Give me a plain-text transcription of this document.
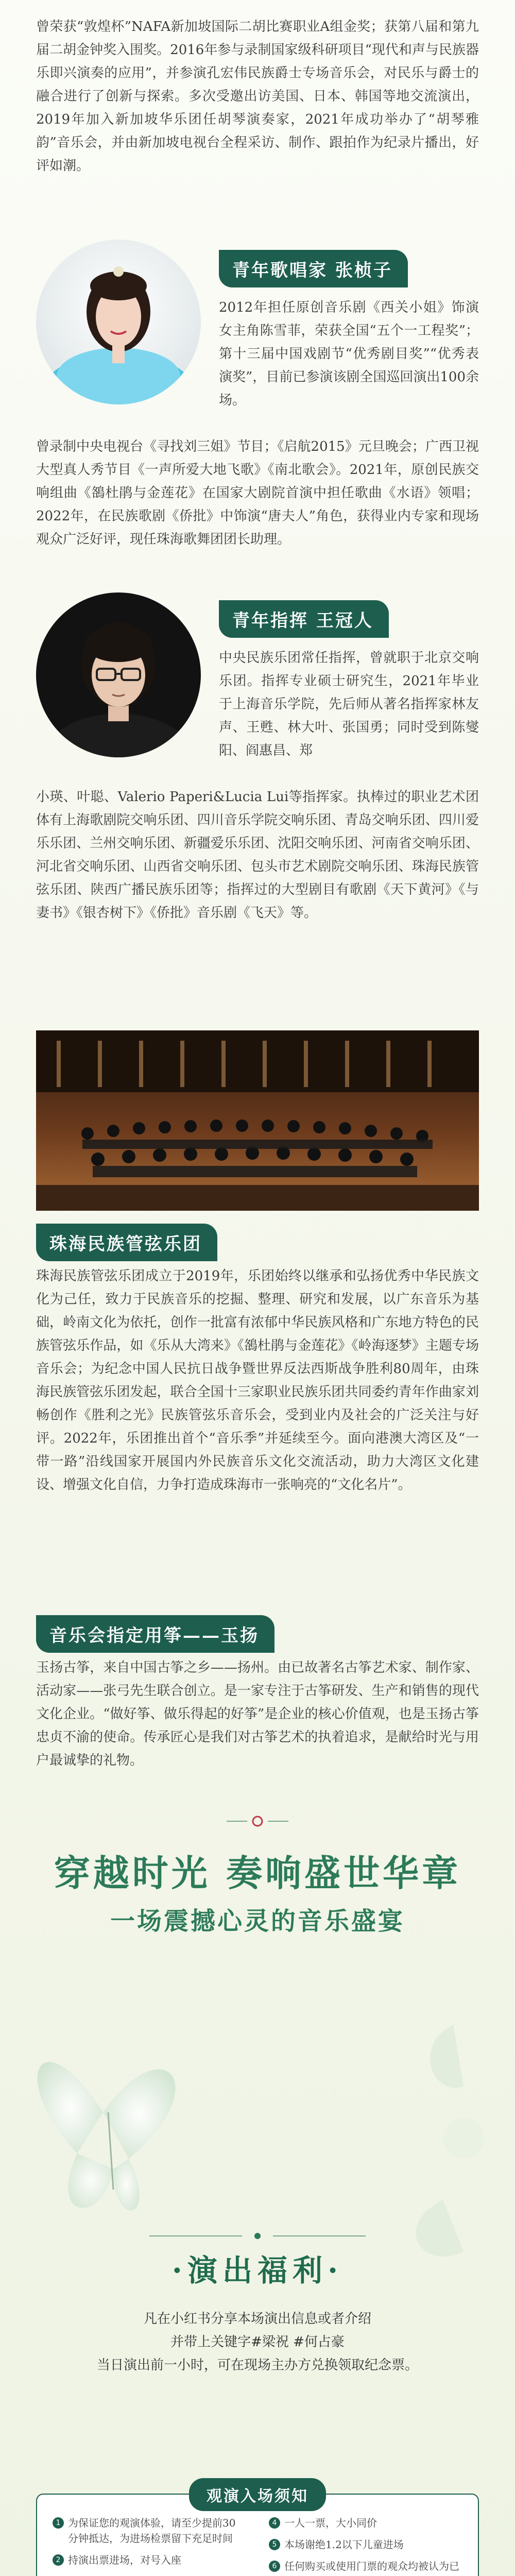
曾荣获“敦煌杯”NAFA新加坡国际二胡比赛职业A组金奖；获第八届和第九届二胡金钟奖入围奖。2016年参与录制国家级科研项目“现代和声与民族器乐即兴演奏的应用”，并参演孔宏伟民族爵士专场音乐会，对民乐与爵士的融合进行了创新与探索。多次受邀出访美国、日本、韩国等地交流演出，2019年加入新加坡华乐团任胡琴演奏家，2021年成功举办了“胡琴雅韵”音乐会，并由新加坡电视台全程采访、制作、跟拍作为纪录片播出，好评如潮。

青年歌唱家 张桢子

2012年担任原创音乐剧《西关小姐》饰演女主角陈雪菲，荣获全国“五个一工程奖”；第十三届中国戏剧节“优秀剧目奖”“优秀表演奖”，目前已参演该剧全国巡回演出100余场。

曾录制中央电视台《寻找刘三姐》节目；《启航2015》元旦晚会；广西卫视大型真人秀节目《一声所爱大地飞歌》《南北歌会》。2021年，原创民族交响组曲《鵅杜鹃与金莲花》在国家大剧院首演中担任歌曲《水语》领唱；2022年，在民族歌剧《侨批》中饰演“唐夫人”角色，获得业内专家和现场观众广泛好评，现任珠海歌舞团团长助理。

青年指挥 王冠人

中央民族乐团常任指挥，曾就职于北京交响乐团。指挥专业硕士研究生，2021年毕业于上海音乐学院，先后师从著名指挥家林友声、王甦、林大叶、张国勇；同时受到陈燮阳、阎惠昌、郑

小瑛、叶聪、Valerio Paperi&Lucia Lui等指挥家。执棒过的职业艺术团体有上海歌剧院交响乐团、四川音乐学院交响乐团、青岛交响乐团、四川爱乐乐团、兰州交响乐团、新疆爱乐乐团、沈阳交响乐团、河南省交响乐团、河北省交响乐团、山西省交响乐团、包头市艺术剧院交响乐团、珠海民族管弦乐团、陕西广播民族乐团等；指挥过的大型剧目有歌剧《天下黄河》《与妻书》《银杏树下》《侨批》音乐剧《飞天》等。

珠海民族管弦乐团

珠海民族管弦乐团成立于2019年，乐团始终以继承和弘扬优秀中华民族文化为己任，致力于民族音乐的挖掘、整理、研究和发展，以广东音乐为基础，岭南文化为依托，创作一批富有浓郁中华民族风格和广东地方特色的民族管弦乐作品，如《乐从大湾来》《鵅杜鹃与金莲花》《岭海逐梦》主题专场音乐会；为纪念中国人民抗日战争暨世界反法西斯战争胜利80周年，由珠海民族管弦乐团发起，联合全国十三家职业民族乐团共同委约青年作曲家刘畅创作《胜利之光》民族管弦乐音乐会，受到业内及社会的广泛关注与好评。2022年，乐团推出首个“音乐季”并延续至今。面向港澳大湾区及“一带一路”沿线国家开展国内外民族音乐文化交流活动，助力大湾区文化建设、增强文化自信，力争打造成珠海市一张响亮的“文化名片”。

音乐会指定用筝——玉扬

玉扬古筝，来自中国古筝之乡——扬州。由已故著名古筝艺术家、制作家、活动家——张弓先生联合创立。是一家专注于古筝研发、生产和销售的现代文化企业。“做好筝、做乐得起的好筝”是企业的核心价值观，也是玉扬古筝忠贞不渝的使命。传承匠心是我们对古筝艺术的执着追求，是献给时光与用户最诚挚的礼物。

穿越时光 奏响盛世华章
一场震撼心灵的音乐盛宴
·演出福利·

凡在小红书分享本场演出信息或者介绍

并带上关键字#梁祝 #何占豪

当日演出前一小时，可在现场主办方兑换领取纪念票。

观演入场须知
1 为保证您的观演体验，请至少提前30分钟抵达，为进场检票留下充足时间
2 持演出票进场，对号入座
4 一人一票，大小同价
5 本场谢绝1.2以下儿童进场
6 任何购买或使用门票的观众均被认为已
